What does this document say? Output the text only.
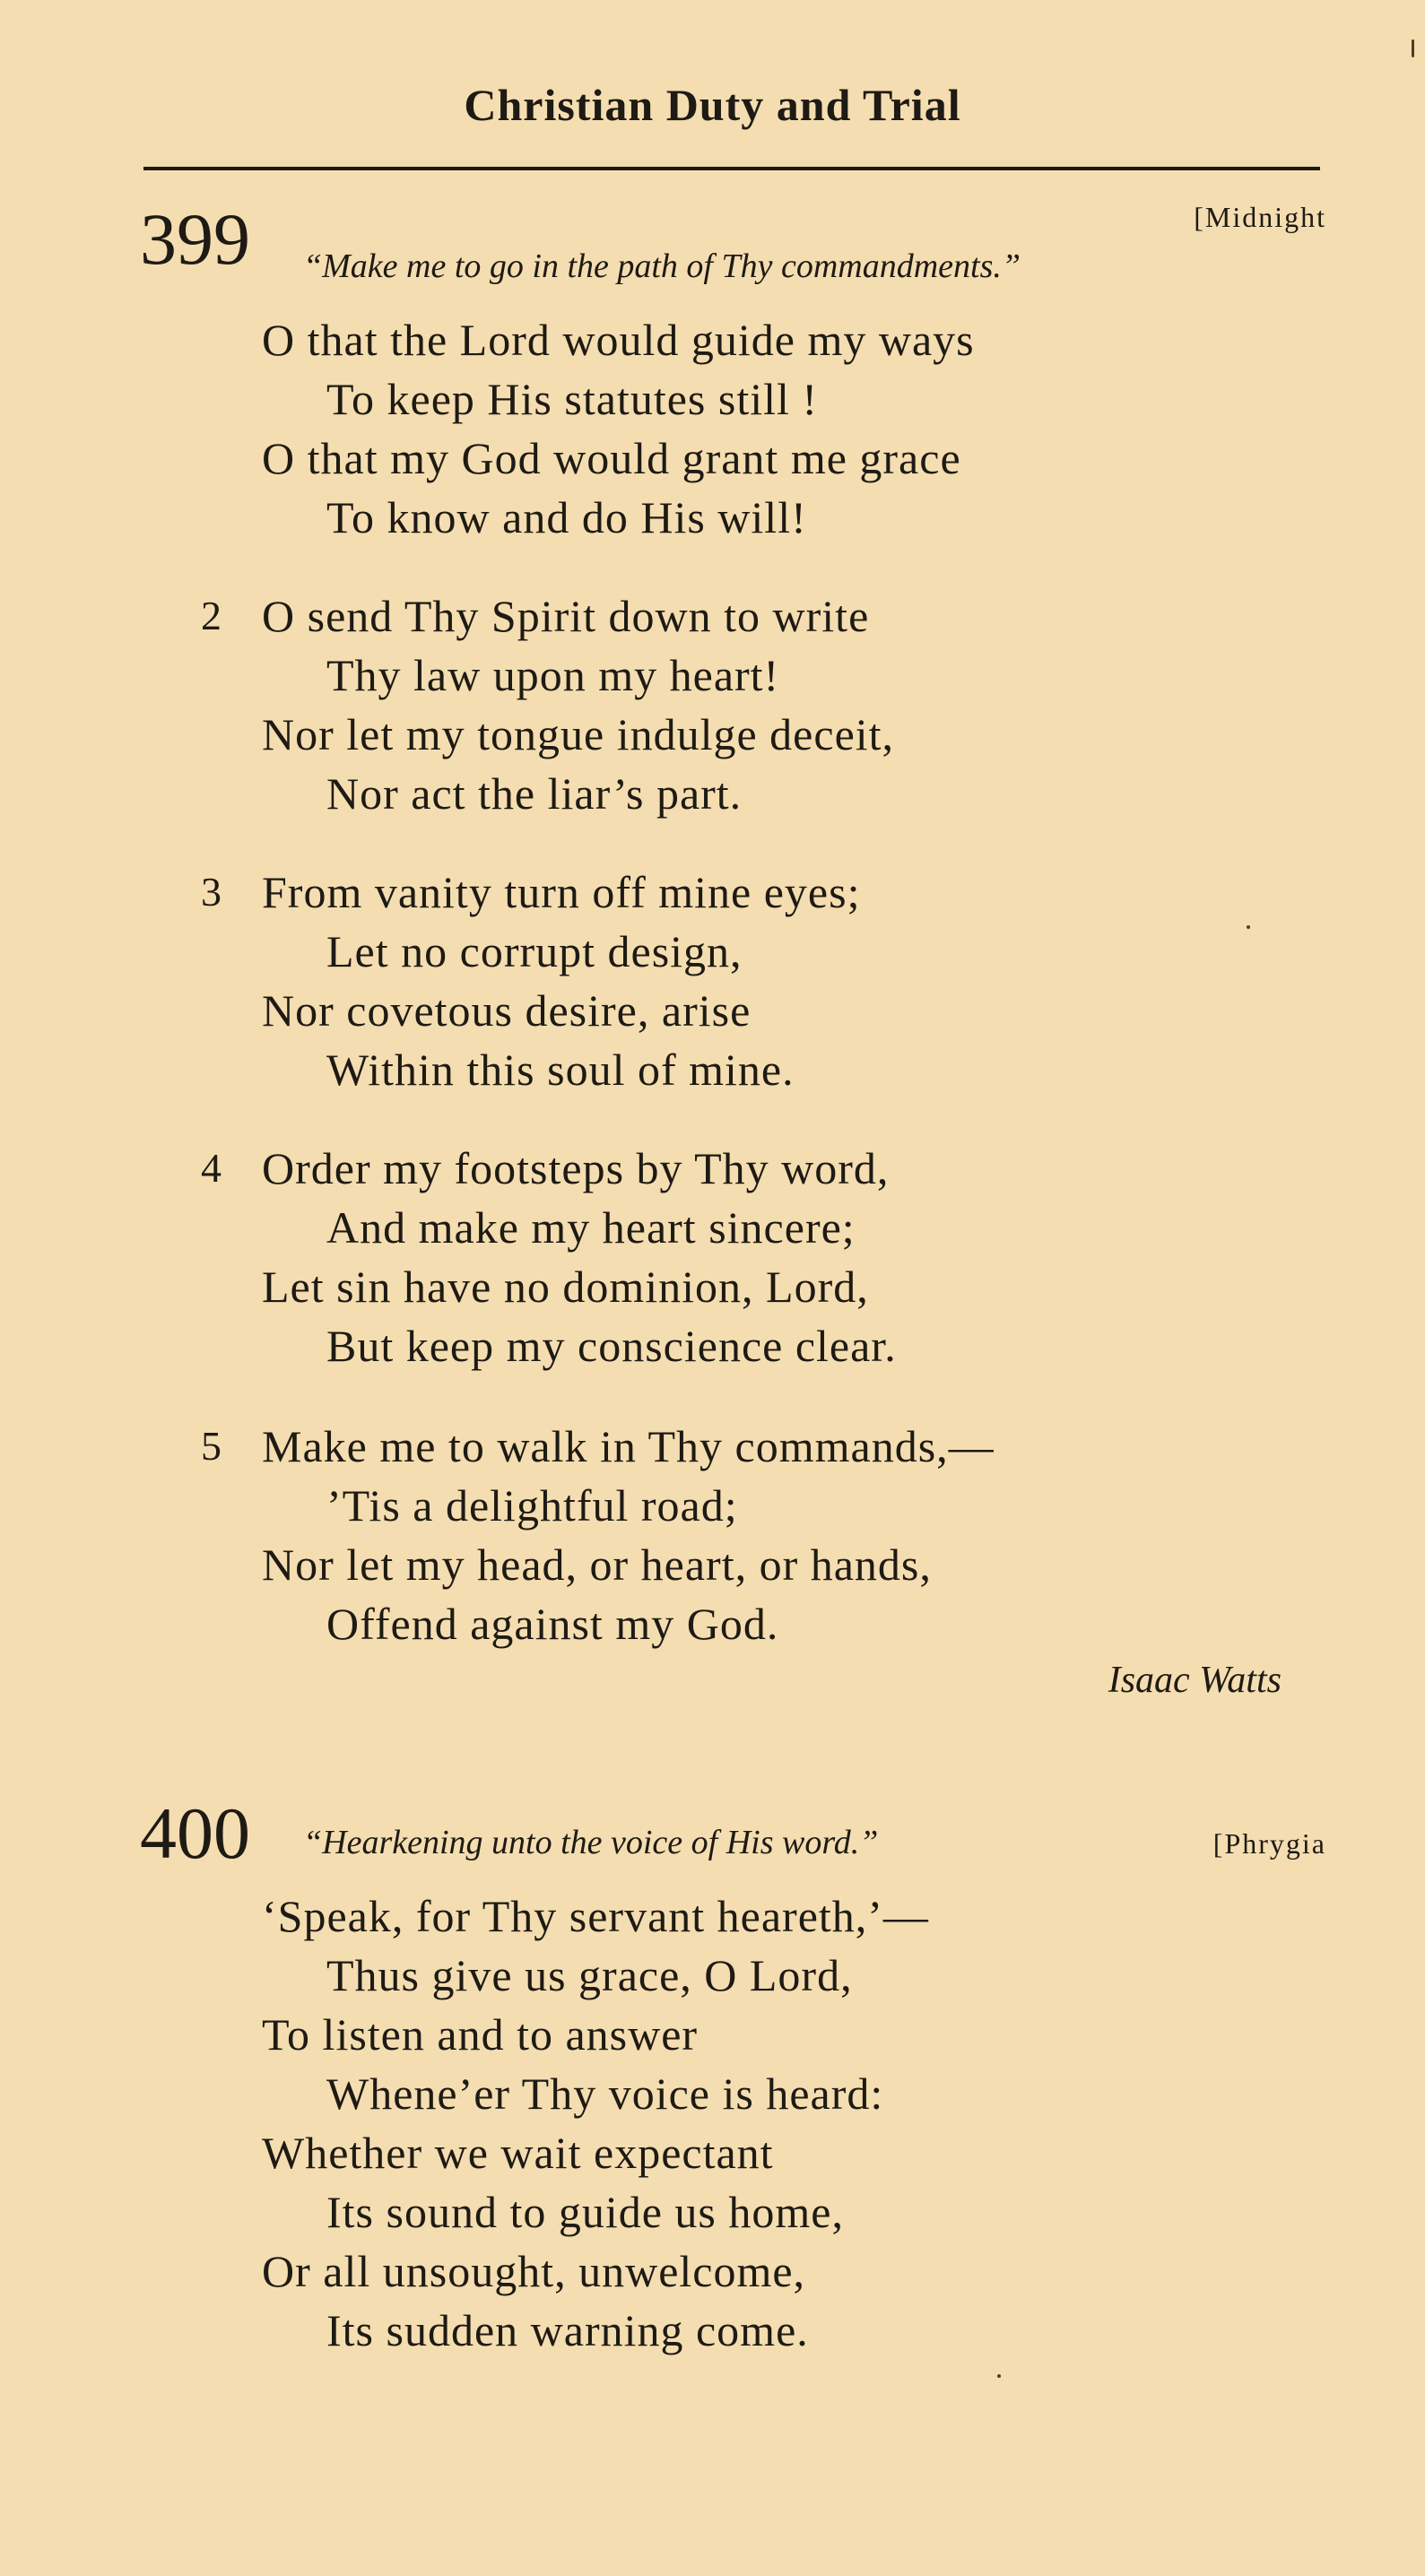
Christian Duty and Trial
399	[Midnight
“Make me to go in the path of Thy commandments.”
O that the Lord would guide my ways
To keep His statutes still !
O that my God would grant me grace
To know and do His will!
2 O send Thy Spirit down to write
Thy law upon my heart!
Nor let my tongue indulge deceit,
Nor act the liar’s part.
3 From vanity turn off mine eyes;
Let no corrupt design,
Nor covetous desire, arise
Within this soul of mine.
4 Order my footsteps by Thy word,
And make my heart sincere;
Let sin have no dominion, Lord,
But keep my conscience clear.
5 Make me to walk in Thy commands,—
’Tis a delightful road;
Nor let my head, or heart, or hands,
Offend against my God.
Isaac Watts
400 “Hearkening unto the voice of His word.”	[Phrygia
‘Speak, for Thy servant heareth,’—
Thus give us grace, O Lord,
To listen and to answer
Whene’er Thy voice is heard:
Whether we wait expectant
Its sound to guide us home,
Or all unsought, unwelcome,
Its sudden warning come.
